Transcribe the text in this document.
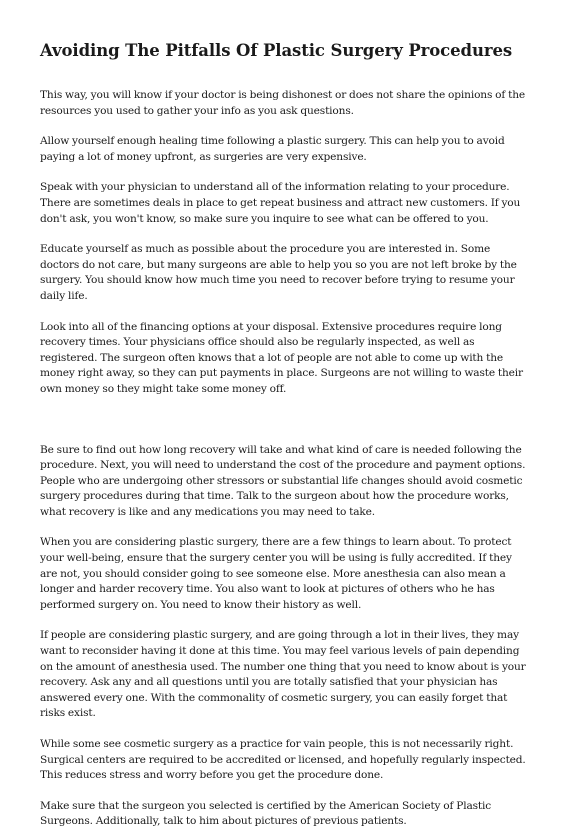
Avoiding The Pitfalls Of Plastic Surgery Procedures

This way, you will know if your doctor is being dishonest or does not share the opinions of the resources you used to gather your info as you ask questions.

Allow yourself enough healing time following a plastic surgery. This can help you to avoid paying a lot of money upfront, as surgeries are very expensive.

Speak with your physician to understand all of the information relating to your procedure. There are sometimes deals in place to get repeat business and attract new customers. If you don't ask, you won't know, so make sure you inquire to see what can be offered to you.

Educate yourself as much as possible about the procedure you are interested in. Some doctors do not care, but many surgeons are able to help you so you are not left broke by the surgery. You should know how much time you need to recover before trying to resume your daily life.

Look into all of the financing options at your disposal. Extensive procedures require long recovery times. Your physicians office should also be regularly inspected, as well as registered. The surgeon often knows that a lot of people are not able to come up with the money right away, so they can put payments in place. Surgeons are not willing to waste their own money so they might take some money off.

Be sure to find out how long recovery will take and what kind of care is needed following the procedure. Next, you will need to understand the cost of the procedure and payment options. People who are undergoing other stressors or substantial life changes should avoid cosmetic surgery procedures during that time. Talk to the surgeon about how the procedure works, what recovery is like and any medications you may need to take.

When you are considering plastic surgery, there are a few things to learn about. To protect your well-being, ensure that the surgery center you will be using is fully accredited. If they are not, you should consider going to see someone else. More anesthesia can also mean a longer and harder recovery time. You also want to look at pictures of others who he has performed surgery on. You need to know their history as well.

If people are considering plastic surgery, and are going through a lot in their lives, they may want to reconsider having it done at this time. You may feel various levels of pain depending on the amount of anesthesia used. The number one thing that you need to know about is your recovery. Ask any and all questions until you are totally satisfied that your physician has answered every one. With the commonality of cosmetic surgery, you can easily forget that risks exist.

While some see cosmetic surgery as a practice for vain people, this is not necessarily right. Surgical centers are required to be accredited or licensed, and hopefully regularly inspected. This reduces stress and worry before you get the procedure done.

Make sure that the surgeon you selected is certified by the American Society of Plastic Surgeons. Additionally, talk to him about pictures of previous patients.
